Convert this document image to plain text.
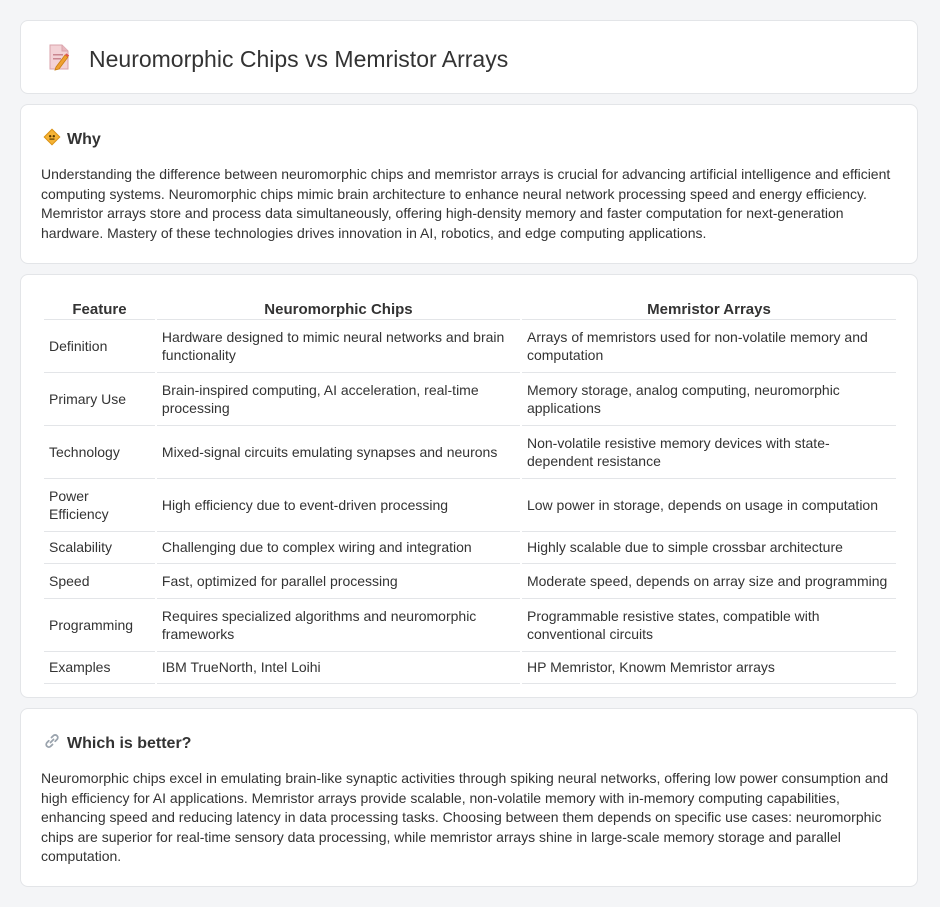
Neuromorphic Chips vs Memristor Arrays
Why

Understanding the difference between neuromorphic chips and memristor arrays is crucial for advancing artificial intelligence and efficient computing systems. Neuromorphic chips mimic brain architecture to enhance neural network processing speed and energy efficiency. Memristor arrays store and process data simultaneously, offering high-density memory and faster computation for next-generation hardware. Mastery of these technologies drives innovation in AI, robotics, and edge computing applications.

Feature	Neuromorphic Chips	Memristor Arrays
Definition	Hardware designed to mimic neural networks and brain functionality	Arrays of memristors used for non-volatile memory and computation
Primary Use	Brain-inspired computing, AI acceleration, real-time processing	Memory storage, analog computing, neuromorphic applications
Technology	Mixed-signal circuits emulating synapses and neurons	Non-volatile resistive memory devices with state-dependent resistance
Power Efficiency	High efficiency due to event-driven processing	Low power in storage, depends on usage in computation
Scalability	Challenging due to complex wiring and integration	Highly scalable due to simple crossbar architecture
Speed	Fast, optimized for parallel processing	Moderate speed, depends on array size and programming
Programming	Requires specialized algorithms and neuromorphic frameworks	Programmable resistive states, compatible with conventional circuits
Examples	IBM TrueNorth, Intel Loihi	HP Memristor, Knowm Memristor arrays
Which is better?

Neuromorphic chips excel in emulating brain-like synaptic activities through spiking neural networks, offering low power consumption and high efficiency for AI applications. Memristor arrays provide scalable, non-volatile memory with in-memory computing capabilities, enhancing speed and reducing latency in data processing tasks. Choosing between them depends on specific use cases: neuromorphic chips are superior for real-time sensory data processing, while memristor arrays shine in large-scale memory storage and parallel computation.
